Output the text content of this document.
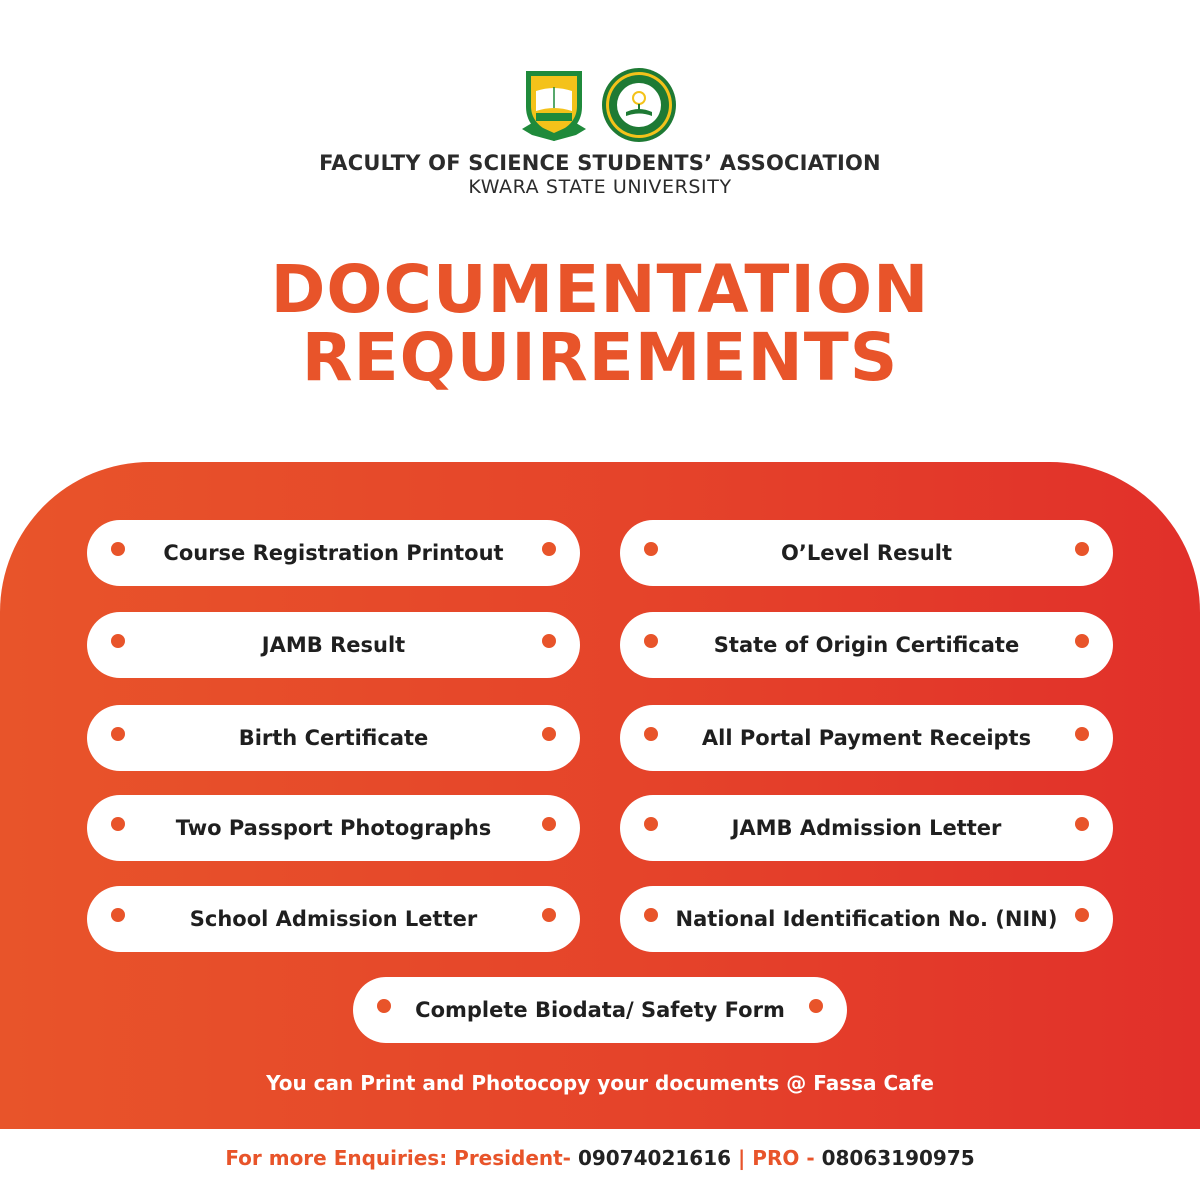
FACULTY OF SCIENCE STUDENTS’ ASSOCIATION
KWARA STATE UNIVERSITY
DOCUMENTATION
REQUIREMENTS
Course Registration Printout	O’Level Result
JAMB Result	State of Origin Certificate
Birth Certificate	All Portal Payment Receipts
Two Passport Photographs	JAMB Admission Letter
School Admission Letter	National Identification No. (NIN)
Complete Biodata/ Safety Form
You can Print and Photocopy your documents @ Fassa Cafe
For more Enquiries: President- 09074021616 | PRO - 08063190975
